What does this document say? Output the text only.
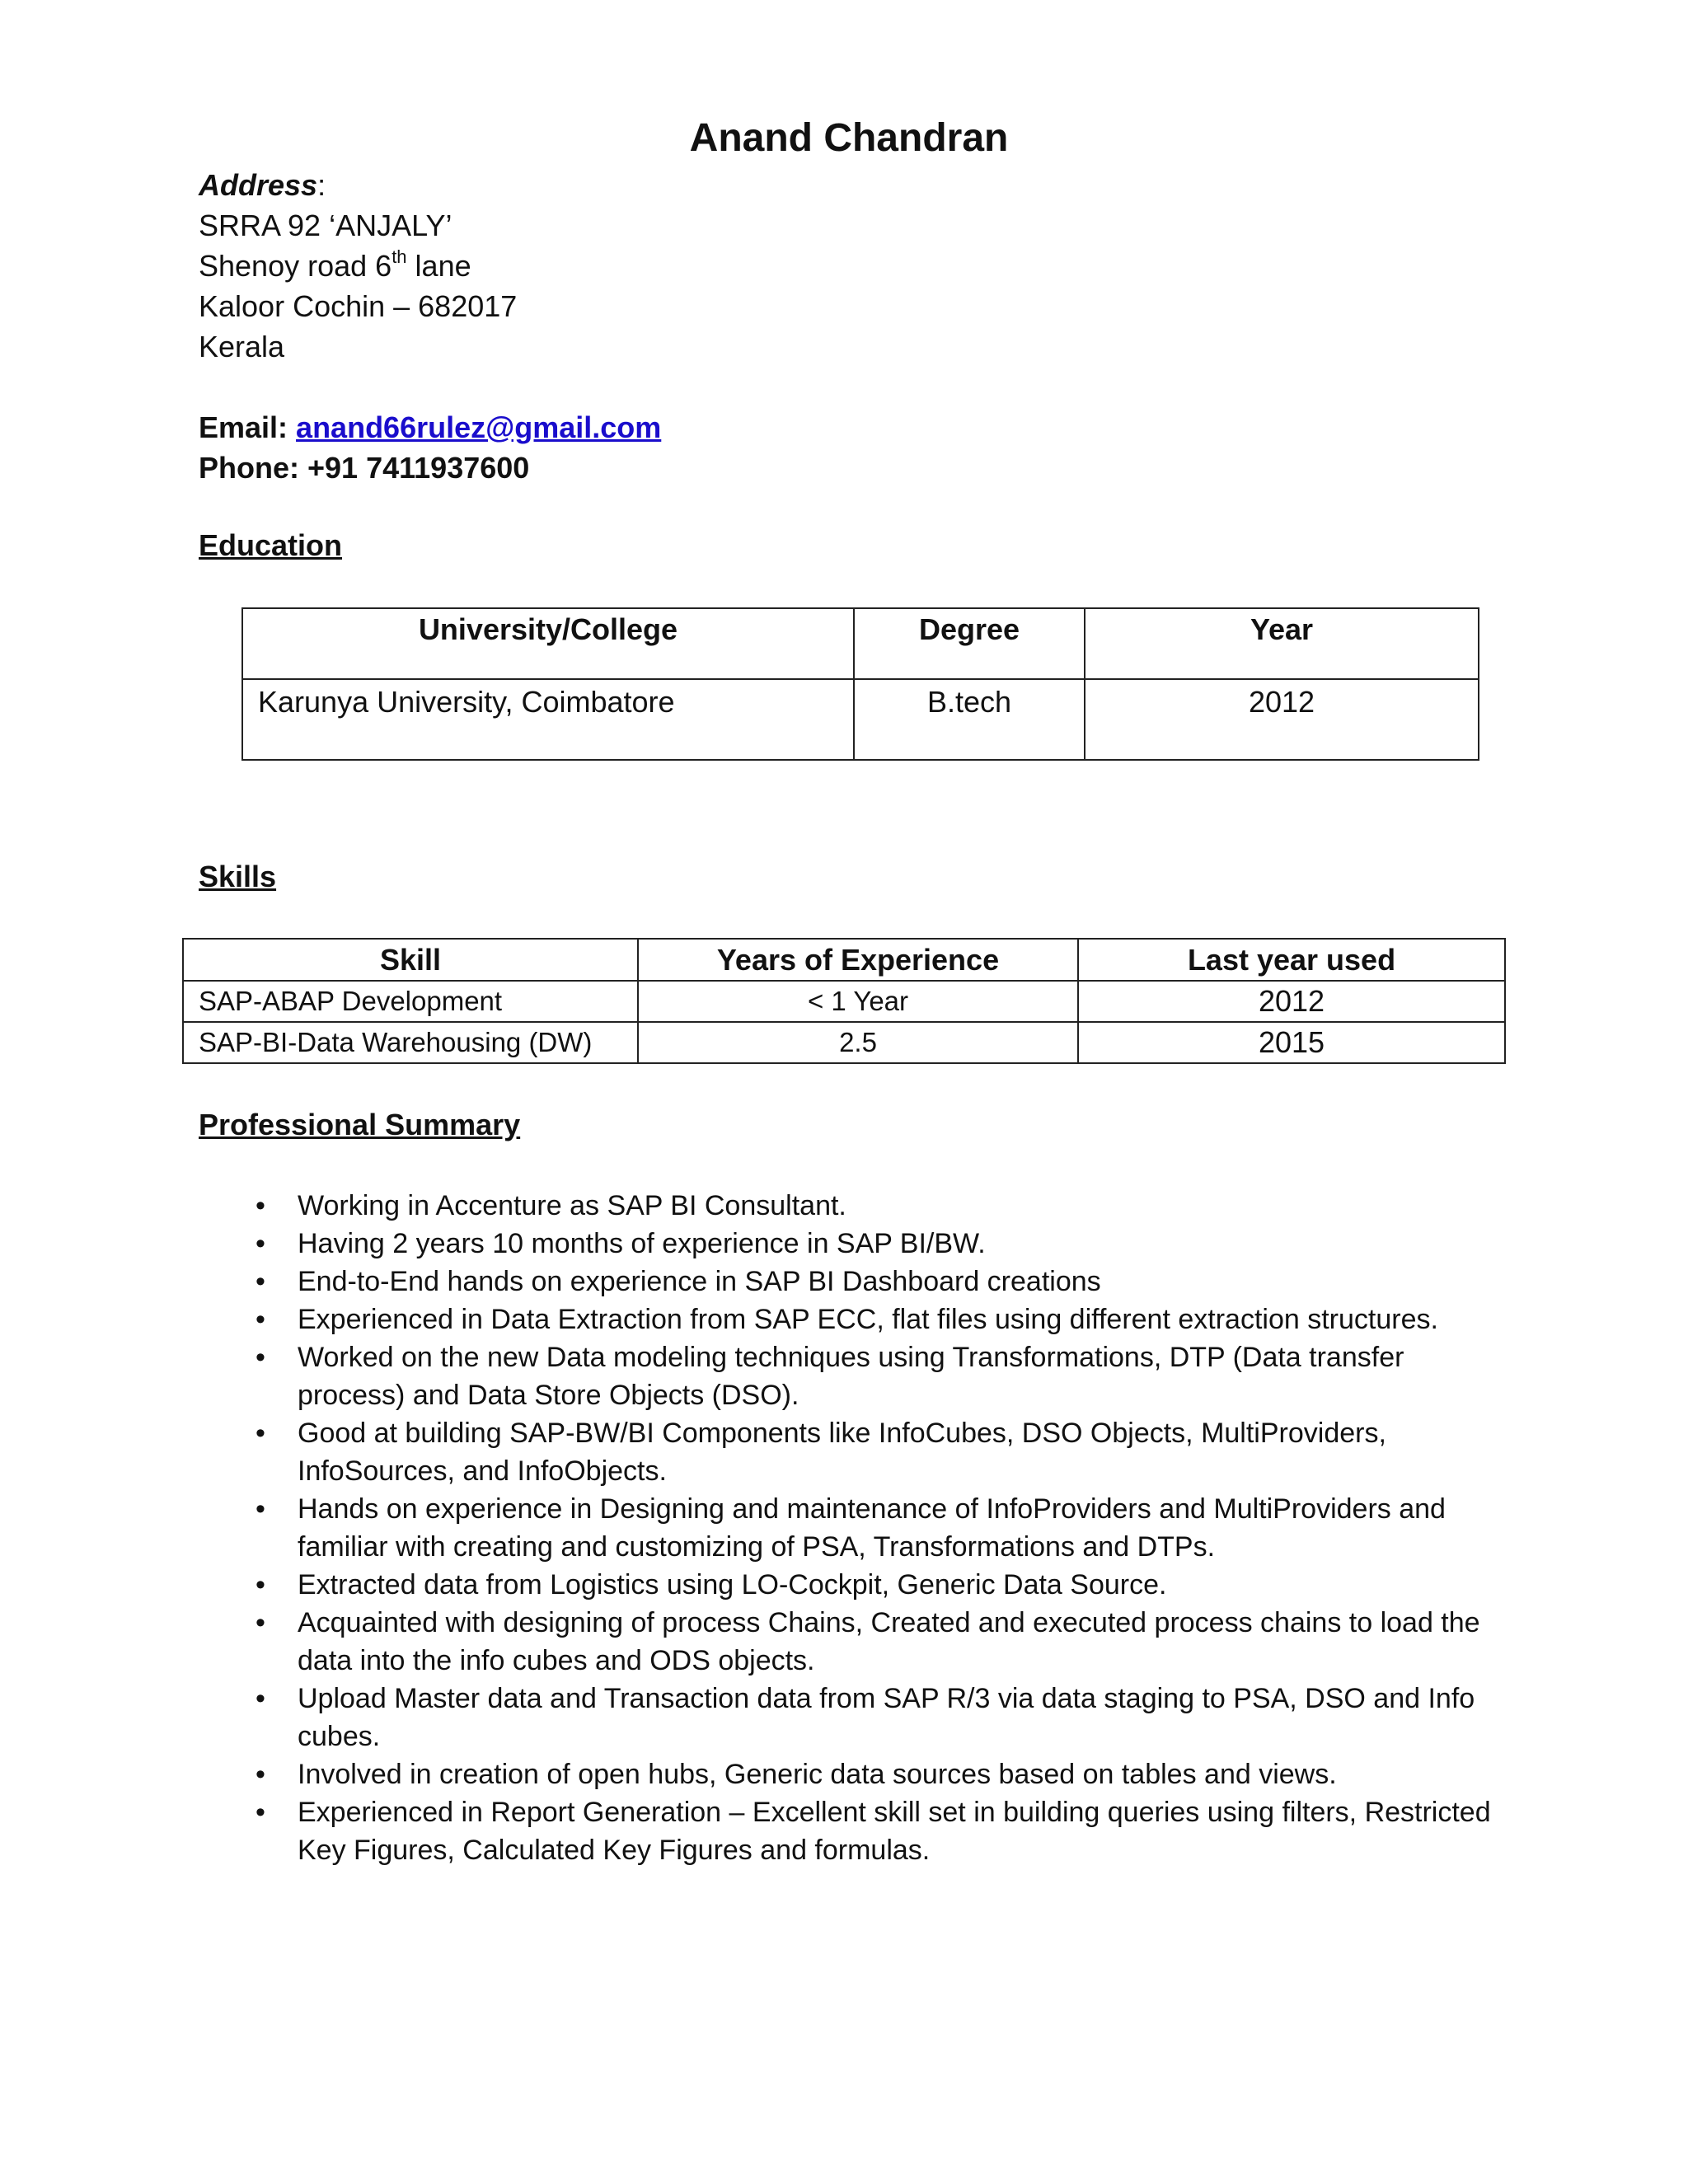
Anand Chandran
Address:
SRRA 92 ‘ANJALY’
Shenoy road 6th lane
Kaloor Cochin – 682017
Kerala
Email: anand66rulez@gmail.com
Phone: +91 7411937600
Education
University/College	Degree	Year
Karunya University, Coimbatore	B.tech	2012
Skills
Skill	Years of Experience	Last year used
SAP-ABAP Development	< 1 Year	2012
SAP-BI-Data Warehousing (DW)	2.5	2015
Professional Summary
• Working in Accenture as SAP BI Consultant.
• Having 2 years 10 months of experience in SAP BI/BW.
• End-to-End hands on experience in SAP BI Dashboard creations
• Experienced in Data Extraction from SAP ECC, flat files using different extraction structures.
• Worked on the new Data modeling techniques using Transformations, DTP (Data transfer process) and Data Store Objects (DSO).
• Good at building SAP-BW/BI Components like InfoCubes, DSO Objects, MultiProviders, InfoSources, and InfoObjects.
• Hands on experience in Designing and maintenance of InfoProviders and MultiProviders and familiar with creating and customizing of PSA, Transformations and DTPs.
• Extracted data from Logistics using LO-Cockpit, Generic Data Source.
• Acquainted with designing of process Chains, Created and executed process chains to load the data into the info cubes and ODS objects.
• Upload Master data and Transaction data from SAP R/3 via data staging to PSA, DSO and Info cubes.
• Involved in creation of open hubs, Generic data sources based on tables and views.
• Experienced in Report Generation – Excellent skill set in building queries using filters, Restricted Key Figures, Calculated Key Figures and formulas.
